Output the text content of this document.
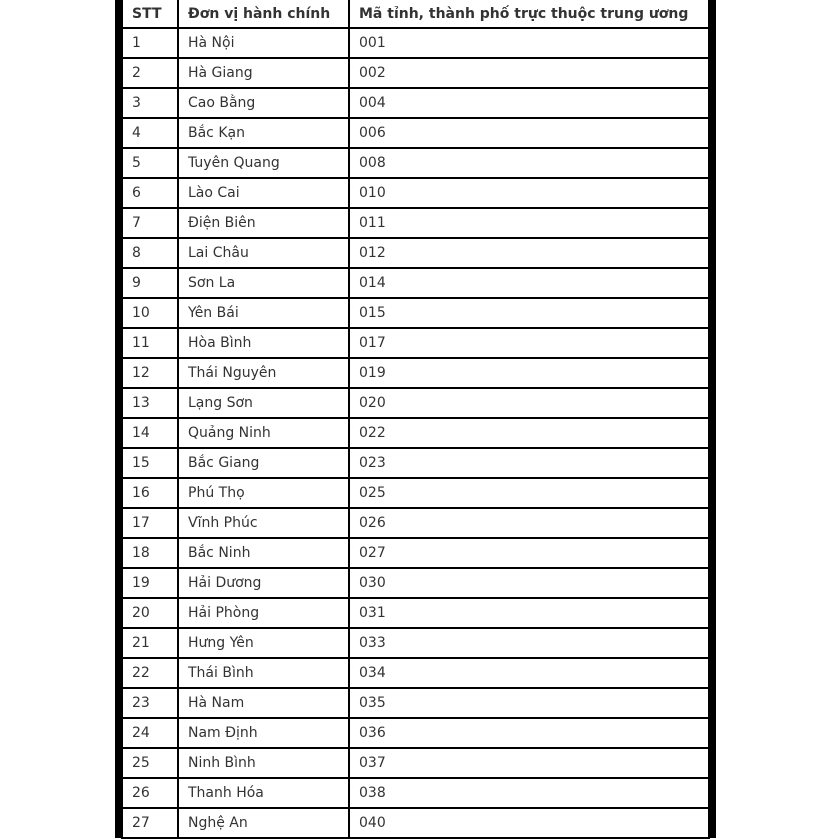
STT	Đơn vị hành chính	Mã tỉnh, thành phố trực thuộc trung ương
1	Hà Nội	001
2	Hà Giang	002
3	Cao Bằng	004
4	Bắc Kạn	006
5	Tuyên Quang	008
6	Lào Cai	010
7	Điện Biên	011
8	Lai Châu	012
9	Sơn La	014
10	Yên Bái	015
11	Hòa Bình	017
12	Thái Nguyên	019
13	Lạng Sơn	020
14	Quảng Ninh	022
15	Bắc Giang	023
16	Phú Thọ	025
17	Vĩnh Phúc	026
18	Bắc Ninh	027
19	Hải Dương	030
20	Hải Phòng	031
21	Hưng Yên	033
22	Thái Bình	034
23	Hà Nam	035
24	Nam Định	036
25	Ninh Bình	037
26	Thanh Hóa	038
27	Nghệ An	040
